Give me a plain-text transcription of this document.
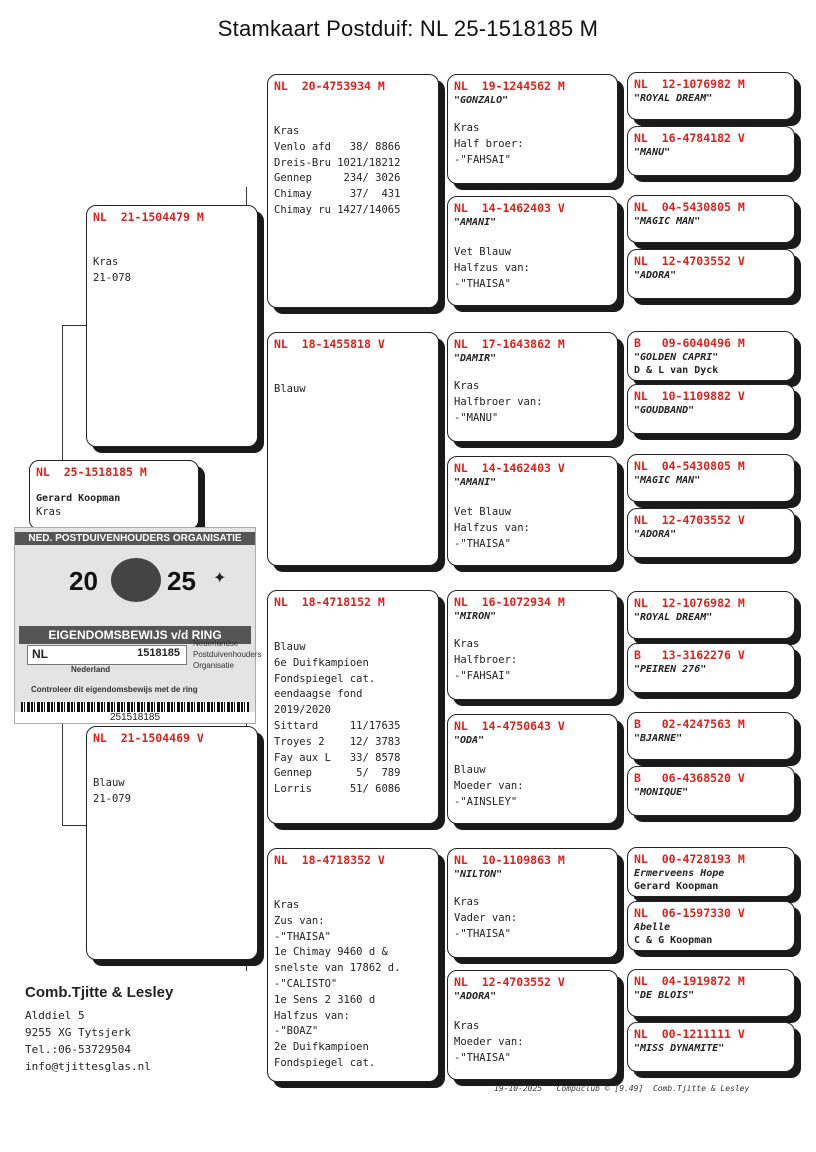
Stamkaart Postduif: NL 25-1518185 M
NL  25-1518185 M
Gerard Koopman
Kras
NED. POSTDUIVENHOUDERS ORGANISATIE
20	25 ✦
EIGENDOMSBEWIJS v/d RING
NL	1518185
Nederland
Nederlandse
Postduivenhouders
Organisatie
Controleer dit eigendomsbewijs met de ring
251518185
NL  21-1504479 M
Kras
21-078
NL  21-1504469 V
Blauw
21-079
NL  20-4753934 M
Kras
Venlo afd   38/ 8866
Dreis-Bru 1021/18212
Gennep     234/ 3026
Chimay      37/  431
Chimay ru 1427/14065
NL  18-1455818 V
Blauw
NL  18-4718152 M
Blauw
6e Duifkampioen
Fondspiegel cat.
eendaagse fond
2019/2020
Sittard     11/17635
Troyes 2    12/ 3783
Fay aux L   33/ 8578
Gennep       5/  789
Lorris      51/ 6086
NL  18-4718352 V
Kras
Zus van:
-"THAISA"
1e Chimay 9460 d &
snelste van 17862 d.
-"CALISTO"
1e Sens 2 3160 d
Halfzus van:
-"BOAZ"
2e Duifkampioen
Fondspiegel cat.
NL  19-1244562 M
"GONZALO"
Kras
Half broer:
-"FAHSAI"
NL  14-1462403 V
"AMANI"
Vet Blauw
Halfzus van:
-"THAISA"
NL  17-1643862 M
"DAMIR"
Kras
Halfbroer van:
-"MANU"
NL  14-1462403 V
"AMANI"
Vet Blauw
Halfzus van:
-"THAISA"
NL  16-1072934 M
"MIRON"
Kras
Halfbroer:
-"FAHSAI"
NL  14-4750643 V
"ODA"
Blauw
Moeder van:
-"AINSLEY"
NL  10-1109863 M
"NILTON"
Kras
Vader van:
-"THAISA"
NL  12-4703552 V
"ADORA"
Kras
Moeder van:
-"THAISA"
NL  12-1076982 M
"ROYAL DREAM"
NL  16-4784182 V
"MANU"
NL  04-5430805 M
"MAGIC MAN"
NL  12-4703552 V
"ADORA"
B   09-6040496 M
"GOLDEN CAPRI"
D & L van Dyck
NL  10-1109882 V
"GOUDBAND"
NL  04-5430805 M
"MAGIC MAN"
NL  12-4703552 V
"ADORA"
NL  12-1076982 M
"ROYAL DREAM"
B   13-3162276 V
"PEIREN 276"
B   02-4247563 M
"BJARNE"
B   06-4368520 V
"MONIQUE"
NL  00-4728193 M
Ermerveens Hope
Gerard Koopman
NL  06-1597330 V
Abelle
C & G Koopman
NL  04-1919872 M
"DE BLOIS"
NL  00-1211111 V
"MISS DYNAMITE"
Comb.Tjitte & Lesley
Alddiel 5
9255 XG Tytsjerk
Tel.:06-53729504
info@tjittesglas.nl
19-10-2025   Compuclub © [9.49]  Comb.Tjitte & Lesley
